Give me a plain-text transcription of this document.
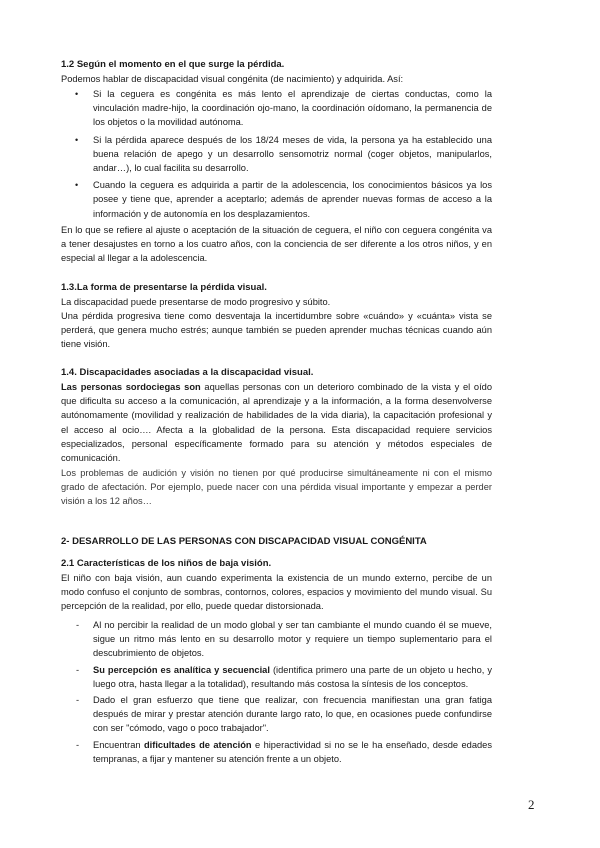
1.2 Según el momento en el que surge la pérdida.

Podemos hablar de discapacidad visual congénita (de nacimiento) y adquirida. Así:

• Si la ceguera es congénita es más lento el aprendizaje de ciertas conductas, como la vinculación madre-hijo, la coordinación ojo-mano, la coordinación oídomano, la permanencia de los objetos o la movilidad autónoma.
• Si la pérdida aparece después de los 18/24 meses de vida, la persona ya ha establecido una buena relación de apego y un desarrollo sensomotriz normal (coger objetos, manipularlos, andar…), lo cual facilita su desarrollo.
• Cuando la ceguera es adquirida a partir de la adolescencia, los conocimientos básicos ya los posee y tiene que, aprender a aceptarlo; además de aprender nuevas formas de acceso a la información y de autonomía en los desplazamientos.

En lo que se refiere al ajuste o aceptación de la situación de ceguera, el niño con ceguera congénita va a tener desajustes en torno a los cuatro años, con la conciencia de ser diferente a los otros niños, y en especial al llegar a la adolescencia.

1.3.La forma de presentarse la pérdida visual.

La discapacidad puede presentarse de modo progresivo y súbito.

Una pérdida progresiva tiene como desventaja la incertidumbre sobre «cuándo» y «cuánta» vista se perderá, que genera mucho estrés; aunque también se pueden aprender muchas técnicas cuando aún tiene visión.

1.4. Discapacidades asociadas a la discapacidad visual.

Las personas sordociegas son aquellas personas con un deterioro combinado de la vista y el oído que dificulta su acceso a la comunicación, al aprendizaje y a la información, a la forma desenvolverse autónomamente (movilidad y realización de habilidades de la vida diaria), la capacitación profesional y el acceso al ocio…. Afecta a la globalidad de la persona. Esta discapacidad requiere servicios especializados, personal específicamente formado para su atención y métodos especiales de comunicación.

Los problemas de audición y visión no tienen por qué producirse simultáneamente ni con el mismo grado de afectación. Por ejemplo, puede nacer con una pérdida visual importante y empezar a perder visión a los 12 años…

2- DESARROLLO DE LAS PERSONAS CON DISCAPACIDAD VISUAL CONGÉNITA
2.1 Características de los niños de baja visión.

El niño con baja visión, aun cuando experimenta la existencia de un mundo externo, percibe de un modo confuso el conjunto de sombras, contornos, colores, espacios y movimiento del mundo visual. Su percepción de la realidad, por ello, puede quedar distorsionada.

- Al no percibir la realidad de un modo global y ser tan cambiante el mundo cuando él se mueve, sigue un ritmo más lento en su desarrollo motor y requiere un tiempo suplementario para el descubrimiento de objetos.
- Su percepción es analítica y secuencial (identifica primero una parte de un objeto u hecho, y luego otra, hasta llegar a la totalidad), resultando más costosa la síntesis de los conceptos.
- Dado el gran esfuerzo que tiene que realizar, con frecuencia manifiestan una gran fatiga después de mirar y prestar atención durante largo rato, lo que, en ocasiones puede confundirse con ser "cómodo, vago o poco trabajador".
- Encuentran dificultades de atención e hiperactividad si no se le ha enseñado, desde edades tempranas, a fijar y mantener su atención frente a un objeto.
2
